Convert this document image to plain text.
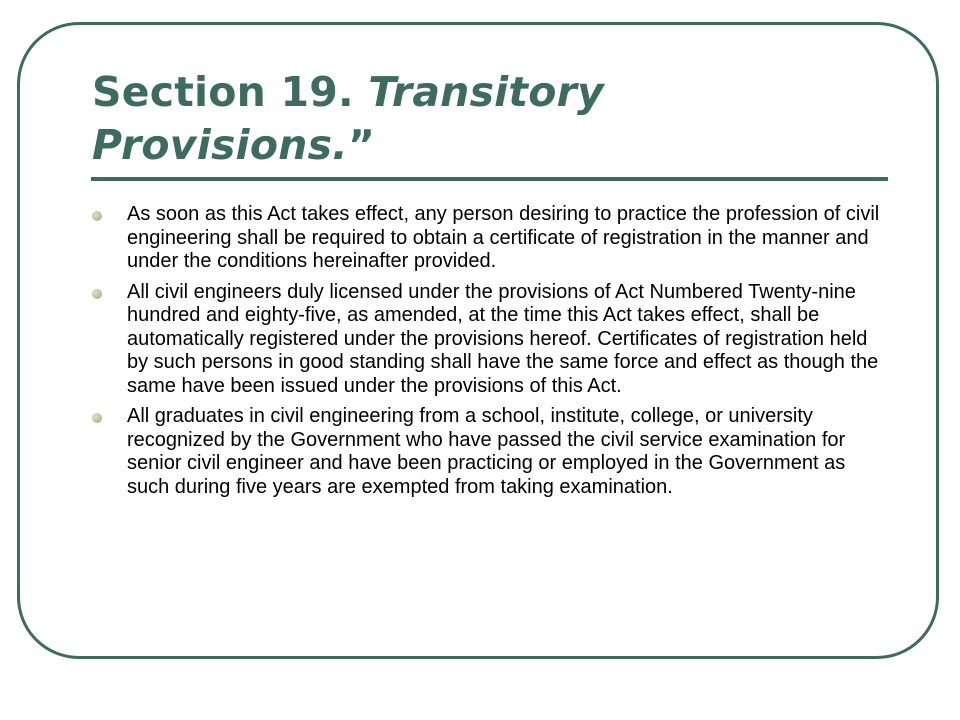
Section 19. Transitory Provisions.”
As soon as this Act takes effect, any person desiring to practice the profession of civil engineering shall be required to obtain a certificate of registration in the manner and under the conditions hereinafter provided.
All civil engineers duly licensed under the provisions of Act Numbered Twenty-nine hundred and eighty-five, as amended, at the time this Act takes effect, shall be automatically registered under the provisions hereof. Certificates of registration held by such persons in good standing shall have the same force and effect as though the same have been issued under the provisions of this Act.
All graduates in civil engineering from a school, institute, college, or university recognized by the Government who have passed the civil service examination for senior civil engineer and have been practicing or employed in the Government as such during five years are exempted from taking examination.
